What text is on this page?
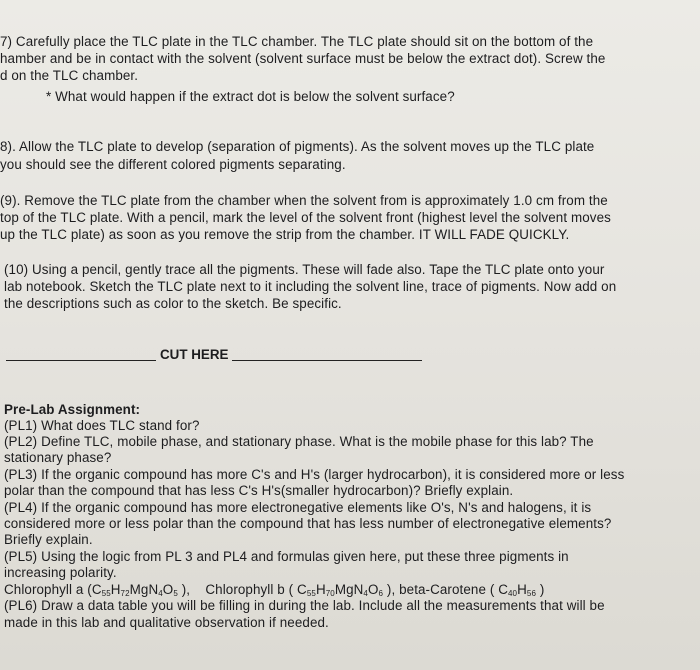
7) Carefully place the TLC plate in the TLC chamber. The TLC plate should sit on the bottom of the
hamber and be in contact with the solvent (solvent surface must be below the extract dot). Screw the
d on the TLC chamber.
* What would happen if the extract dot is below the solvent surface?
8). Allow the TLC plate to develop (separation of pigments). As the solvent moves up the TLC plate
you should see the different colored pigments separating.
(9). Remove the TLC plate from the chamber when the solvent from is approximately 1.0 cm from the
top of the TLC plate. With a pencil, mark the level of the solvent front (highest level the solvent moves
up the TLC plate) as soon as you remove the strip from the chamber. IT WILL FADE QUICKLY.
(10) Using a pencil, gently trace all the pigments. These will fade also. Tape the TLC plate onto your
lab notebook. Sketch the TLC plate next to it including the solvent line, trace of pigments. Now add on
the descriptions such as color to the sketch. Be specific.
CUT HERE
Pre-Lab Assignment:
(PL1) What does TLC stand for?
(PL2) Define TLC, mobile phase, and stationary phase. What is the mobile phase for this lab? The
stationary phase?
(PL3) If the organic compound has more C's and H's (larger hydrocarbon), it is considered more or less
polar than the compound that has less C's H's(smaller hydrocarbon)? Briefly explain.
(PL4) If the organic compound has more electronegative elements like O's, N's and halogens, it is
considered more or less polar than the compound that has less number of electronegative elements?
Briefly explain.
(PL5) Using the logic from PL 3 and PL4 and formulas given here, put these three pigments in
increasing polarity.
Chlorophyll a ($C_{55}H_{72}MgN_4O_5$ ), Chlorophyll b ( $C_{55}H_{70}MgN_4O_6$ ), beta-Carotene ( $C_{40}H_{56}$ )
(PL6) Draw a data table you will be filling in during the lab. Include all the measurements that will be
made in this lab and qualitative observation if needed.
